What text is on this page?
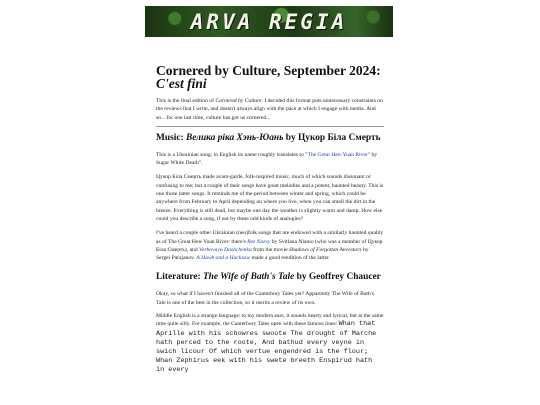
ARVA REGIA
Cornered by Culture, September 2024:
C'est fini

This is the final edition of Cornered by Culture. I decided this format puts unnecessary constraints on the reviews that I write, and doesn't always align with the pace at which I engage with media. And so... for one last time, culture has got us cornered...

Music: Велика ріка Хэнь-Юань by Цукор Біла Смерть

This is a Ukrainian song; in English its name roughly translates to "The Great Hen-Yuan River" by Sugar White Death".

Цукор Біла Смерть made avant-garde, folk-inspired music, much of which sounds dissonant or confusing to me; but a couple of their songs have great melodies and a potent, haunted beauty. This is one those latter songs. It reminds me of the period between winter and spring, which could be anywhere from February to April depending on where you live, when you can smell the dirt in the breeze. Everything is still dead, but maybe one day the weather is slightly warm and damp. How else could you describe a song, if not by these odd kinds of analogies?

I've heard a couple other Ukrainian (neo)folk songs that are endowed with a similarly haunted quality as of The Great Hen-Yuan River: there's Bez Nazvy by Svitlana Nianio (who was a member of Цукор Біла Смерть), and Verbovaya Doshchenka from the movie Shadows of Forgotten Ancestors by Sergei Parajanov. A Hawk and a Hacksaw made a good rendition of the latter.

Literature: The Wife of Bath's Tale by Geoffrey Chaucer

Okay, so what if I haven't finished all of the Canterbury Tales yet? Apparently The Wife of Bath's Tale is one of the best in the collection, so it merits a review of its own.

Middle English is a strange language: to my modern ears, it sounds hearty and lyrical, but at the same time quite silly. For example, the Canterbury Tales open with these famous lines: Whan that Aprille with his schowres swoote The drought of Marche hath perced to the roote, And bathud every veyne in swich licour Of which vertue engendred is the flour; Whan Zephirus eek with his swete breeth Enspirud hath in every
